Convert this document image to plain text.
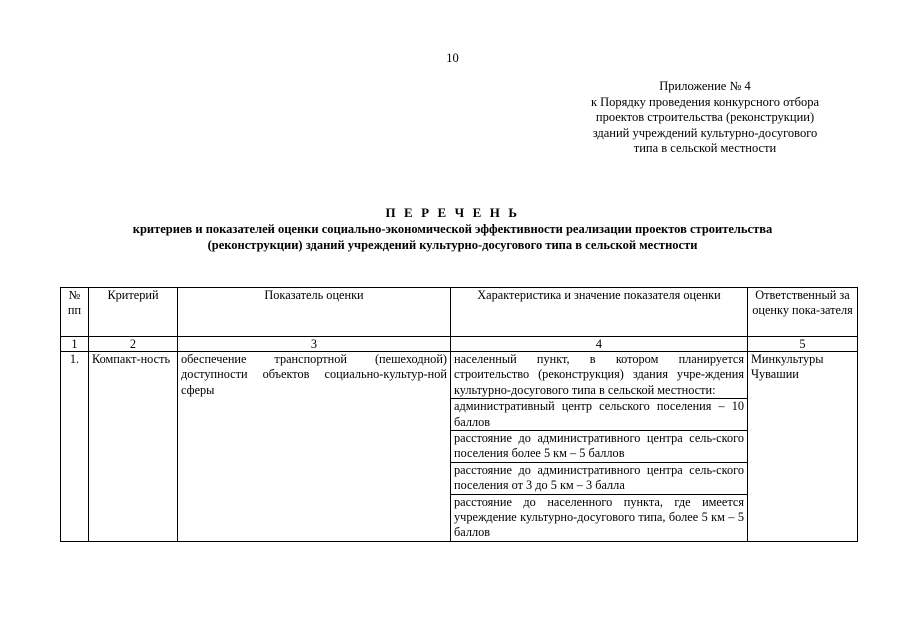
10
Приложение № 4
к Порядку проведения конкурсного отбора
проектов строительства (реконструкции)
зданий учреждений культурно-досугового
типа в сельской местности
П Е Р Е Ч Е Н Ь
критериев и показателей оценки социально-экономической эффективности реализации проектов строительства
(реконструкции) зданий учреждений культурно-досугового типа в сельской местности
№ пп	Критерий	Показатель оценки	Характеристика и значение показателя оценки	Ответственный за оценку пока-зателя
1	2	3	4	5
1.	Компакт-ность	обеспечение транспортной (пешеходной) доступности объектов социально-культур-ной сферы	населенный пункт, в котором планируется строительство (реконструкция) здания учре-ждения культурно-досугового типа в сельской местности:	Минкультуры Чувашии
			административный центр сельского поселения – 10 баллов	
			расстояние до административного центра сель-ского поселения более 5 км – 5 баллов	
			расстояние до административного центра сель-ского поселения от 3 до 5 км – 3 балла	
			расстояние до населенного пункта, где имеется учреждение культурно-досугового типа, более 5 км – 5 баллов	
